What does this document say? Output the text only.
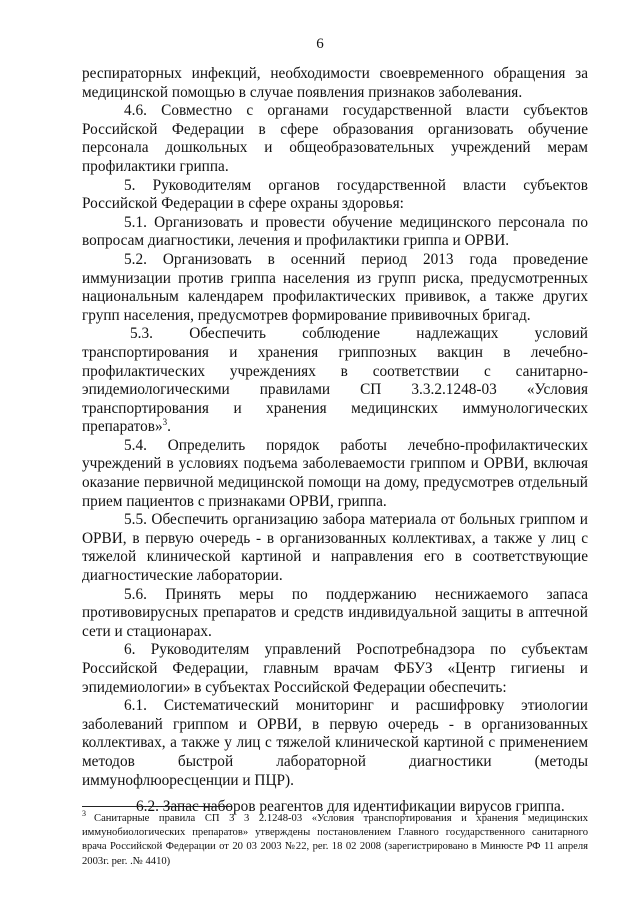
6

респираторных инфекций, необходимости своевременного обращения за медицинской помощью в случае появления признаков заболевания.

4.6. Совместно с органами государственной власти субъектов Российской Федерации в сфере образования организовать обучение персонала дошкольных и общеобразовательных учреждений мерам профилактики гриппа.

5. Руководителям органов государственной власти субъектов Российской Федерации в сфере охраны здоровья:

5.1. Организовать и провести обучение медицинского персонала по вопросам диагностики, лечения и профилактики гриппа и ОРВИ.

5.2. Организовать в осенний период 2013 года проведение иммунизации против гриппа населения из групп риска, предусмотренных национальным календарем профилактических прививок, а также других групп населения, предусмотрев формирование прививочных бригад.

5.3. Обеспечить соблюдение надлежащих условий транспортирования и хранения гриппозных вакцин в лечебно-профилактических учреждениях в соответствии с санитарно-эпидемиологическими правилами СП 3.3.2.1248-03 «Условия транспортирования и хранения медицинских иммунологических препаратов»$^3$.

5.4. Определить порядок работы лечебно-профилактических учреждений в условиях подъема заболеваемости гриппом и ОРВИ, включая оказание первичной медицинской помощи на дому, предусмотрев отдельный прием пациентов с признаками ОРВИ, гриппа.

5.5. Обеспечить организацию забора материала от больных гриппом и ОРВИ, в первую очередь - в организованных коллективах, а также у лиц с тяжелой клинической картиной и направления его в соответствующие диагностические лаборатории.

5.6. Принять меры по поддержанию неснижаемого запаса противовирусных препаратов и средств индивидуальной защиты в аптечной сети и стационарах.

6. Руководителям управлений Роспотребнадзора по субъектам Российской Федерации, главным врачам ФБУЗ «Центр гигиены и эпидемиологии» в субъектах Российской Федерации обеспечить:

6.1. Систематический мониторинг и расшифровку этиологии заболеваний гриппом и ОРВИ, в первую очередь - в организованных коллективах, а также у лиц с тяжелой клинической картиной с применением методов быстрой лабораторной диагностики (методы иммунофлюоресценции и ПЦР).

6.2. Запас наборов реагентов для идентификации вирусов гриппа.

$^3$ Санитарные правила СП 3 3 2.1248-03 «Условия транспортирования и хранения медицинских иммунобиологических препаратов» утверждены постановлением Главного государственного санитарного врача Российской Федерации от 20 03 2003 №22, рег. 18 02 2008 (зарегистрировано в Минюсте РФ 11 апреля 2003г. рег. .№ 4410)
